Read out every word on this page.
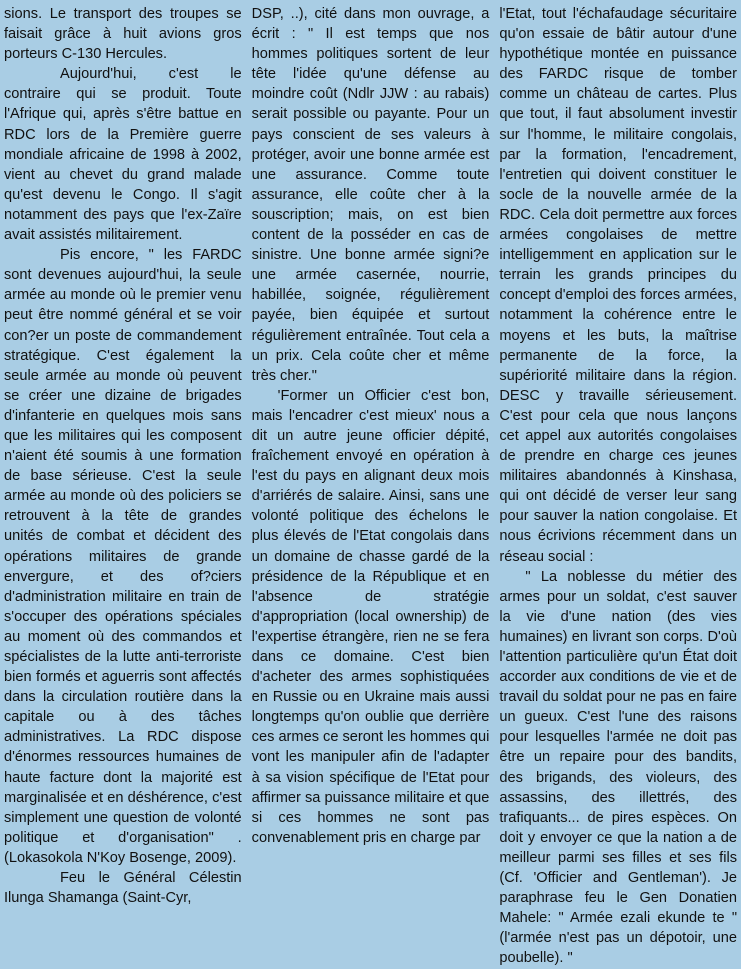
sions. Le transport des troupes se faisait grâce à huit avions gros porteurs C-130 Hercules.

Aujourd'hui, c'est le contraire qui se produit. Toute l'Afrique qui, après s'être battue en RDC lors de la Première guerre mondiale africaine de 1998 à 2002, vient au chevet du grand malade qu'est devenu le Congo. Il s'agit notamment des pays que l'ex-Zaïre avait assistés militairement.

Pis encore, " les FARDC sont devenues aujourd'hui, la seule armée au monde où le premier venu peut être nommé général et se voir con?er un poste de commandement stratégique. C'est également la seule armée au monde où peuvent se créer une dizaine de brigades d'infanterie en quelques mois sans que les militaires qui les composent n'aient été soumis à une formation de base sérieuse. C'est la seule armée au monde où des policiers se retrouvent à la tête de grandes unités de combat et décident des opérations militaires de grande envergure, et des of?ciers d'administration militaire en train de s'occuper des opérations spéciales au moment où des commandos et spécialistes de la lutte anti-terroriste bien formés et aguerris sont affectés dans la circulation routière dans la capitale ou à des tâches administratives. La RDC dispose d'énormes ressources humaines de haute facture dont la majorité est marginalisée et en déshérence, c'est simplement une question de volonté politique et d'organisation" . (Lokasokola N'Koy Bosenge, 2009).

Feu le Général Célestin Ilunga Shamanga (Saint-Cyr,

DSP, ..), cité dans mon ouvrage, a écrit : " Il est temps que nos hommes politiques sortent de leur tête l'idée qu'une défense au moindre coût (Ndlr JJW : au rabais) serait possible ou payante. Pour un pays conscient de ses valeurs à protéger, avoir une bonne armée est une assurance. Comme toute assurance, elle coûte cher à la souscription; mais, on est bien content de la posséder en cas de sinistre. Une bonne armée signi?e une armée casernée, nourrie, habillée, soignée, régulièrement payée, bien équipée et surtout régulièrement entraînée. Tout cela a un prix. Cela coûte cher et même très cher."

'Former un Officier c'est bon, mais l'encadrer c'est mieux' nous a dit un autre jeune officier dépité, fraîchement envoyé en opération à l'est du pays en alignant deux mois d'arriérés de salaire. Ainsi, sans une volonté politique des échelons le plus élevés de l'Etat congolais dans un domaine de chasse gardé de la présidence de la République et en l'absence de stratégie d'appropriation (local ownership) de l'expertise étrangère, rien ne se fera dans ce domaine. C'est bien d'acheter des armes sophistiquées en Russie ou en Ukraine mais aussi longtemps qu'on oublie que derrière ces armes ce seront les hommes qui vont les manipuler afin de l'adapter à sa vision spécifique de l'Etat pour affirmer sa puissance militaire et que si ces hommes ne sont pas convenablement pris en charge par

l'Etat, tout l'échafaudage sécuritaire qu'on essaie de bâtir autour d'une hypothétique montée en puissance des FARDC risque de tomber comme un château de cartes. Plus que tout, il faut absolument investir sur l'homme, le militaire congolais, par la formation, l'encadrement, l'entretien qui doivent constituer le socle de la nouvelle armée de la RDC. Cela doit permettre aux forces armées congolaises de mettre intelligemment en application sur le terrain les grands principes du concept d'emploi des forces armées, notamment la cohérence entre le moyens et les buts, la maîtrise permanente de la force, la supériorité militaire dans la région. DESC y travaille sérieusement. C'est pour cela que nous lançons cet appel aux autorités congolaises de prendre en charge ces jeunes militaires abandonnés à Kinshasa, qui ont décidé de verser leur sang pour sauver la nation congolaise. Et nous écrivions récemment dans un réseau social :

" La noblesse du métier des armes pour un soldat, c'est sauver la vie d'une nation (des vies humaines) en livrant son corps. D'où l'attention particulière qu'un État doit accorder aux conditions de vie et de travail du soldat pour ne pas en faire un gueux. C'est l'une des raisons pour lesquelles l'armée ne doit pas être un repaire pour des bandits, des brigands, des violeurs, des assassins, des illettrés, des trafiquants... de pires espèces. On doit y envoyer ce que la nation a de meilleur parmi ses filles et ses fils (Cf. 'Officier and Gentleman'). Je paraphrase feu le Gen Donatien Mahele: " Armée ezali ekunde te " (l'armée n'est pas un dépotoir, une poubelle). "
